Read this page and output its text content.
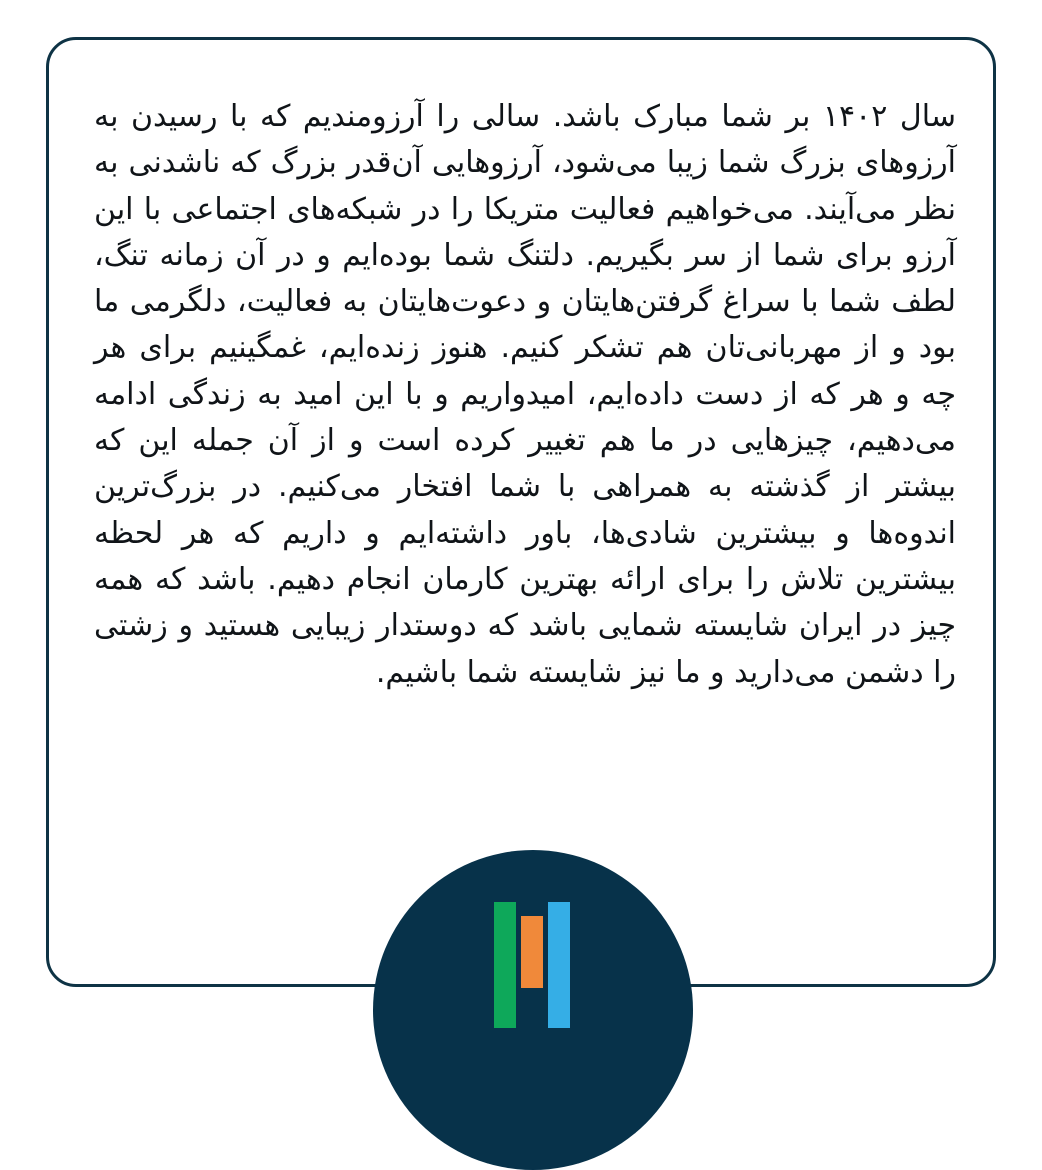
سال ۱۴۰۲ بر شما مبارک باشد. سالی را آرزومندیم که با رسیدن به آرزوهای بزرگ شما زیبا می‌شود، آرزوهایی آن‌قدر بزرگ که ناشدنی به نظر می‌آیند. می‌خواهیم فعالیت متریکا را در شبکه‌های اجتماعی با این آرزو برای شما از سر بگیریم. دلتنگ شما بوده‌ایم و در آن زمانه تنگ، لطف شما با سراغ گرفتن‌هایتان و دعوت‌هایتان به فعالیت، دلگرمی ما بود و از مهربانی‌تان هم تشکر کنیم. هنوز زنده‌ایم، غمگینیم برای هر چه و هر که از دست داده‌ایم، امیدواریم و با این امید به زندگی ادامه می‌دهیم، چیزهایی در ما هم تغییر کرده است و از آن جمله این که بیشتر از گذشته به همراهی با شما افتخار می‌کنیم. در بزرگ‌ترین اندوه‌ها و بیشترین شادی‌ها، باور داشته‌ایم و داریم که هر لحظه بیشترین تلاش را برای ارائه بهترین کارمان انجام دهیم. باشد که همه چیز در ایران شایسته شمایی باشد که دوستدار زیبایی هستید و زشتی را دشمن می‌دارید و ما نیز شایسته شما باشیم.
